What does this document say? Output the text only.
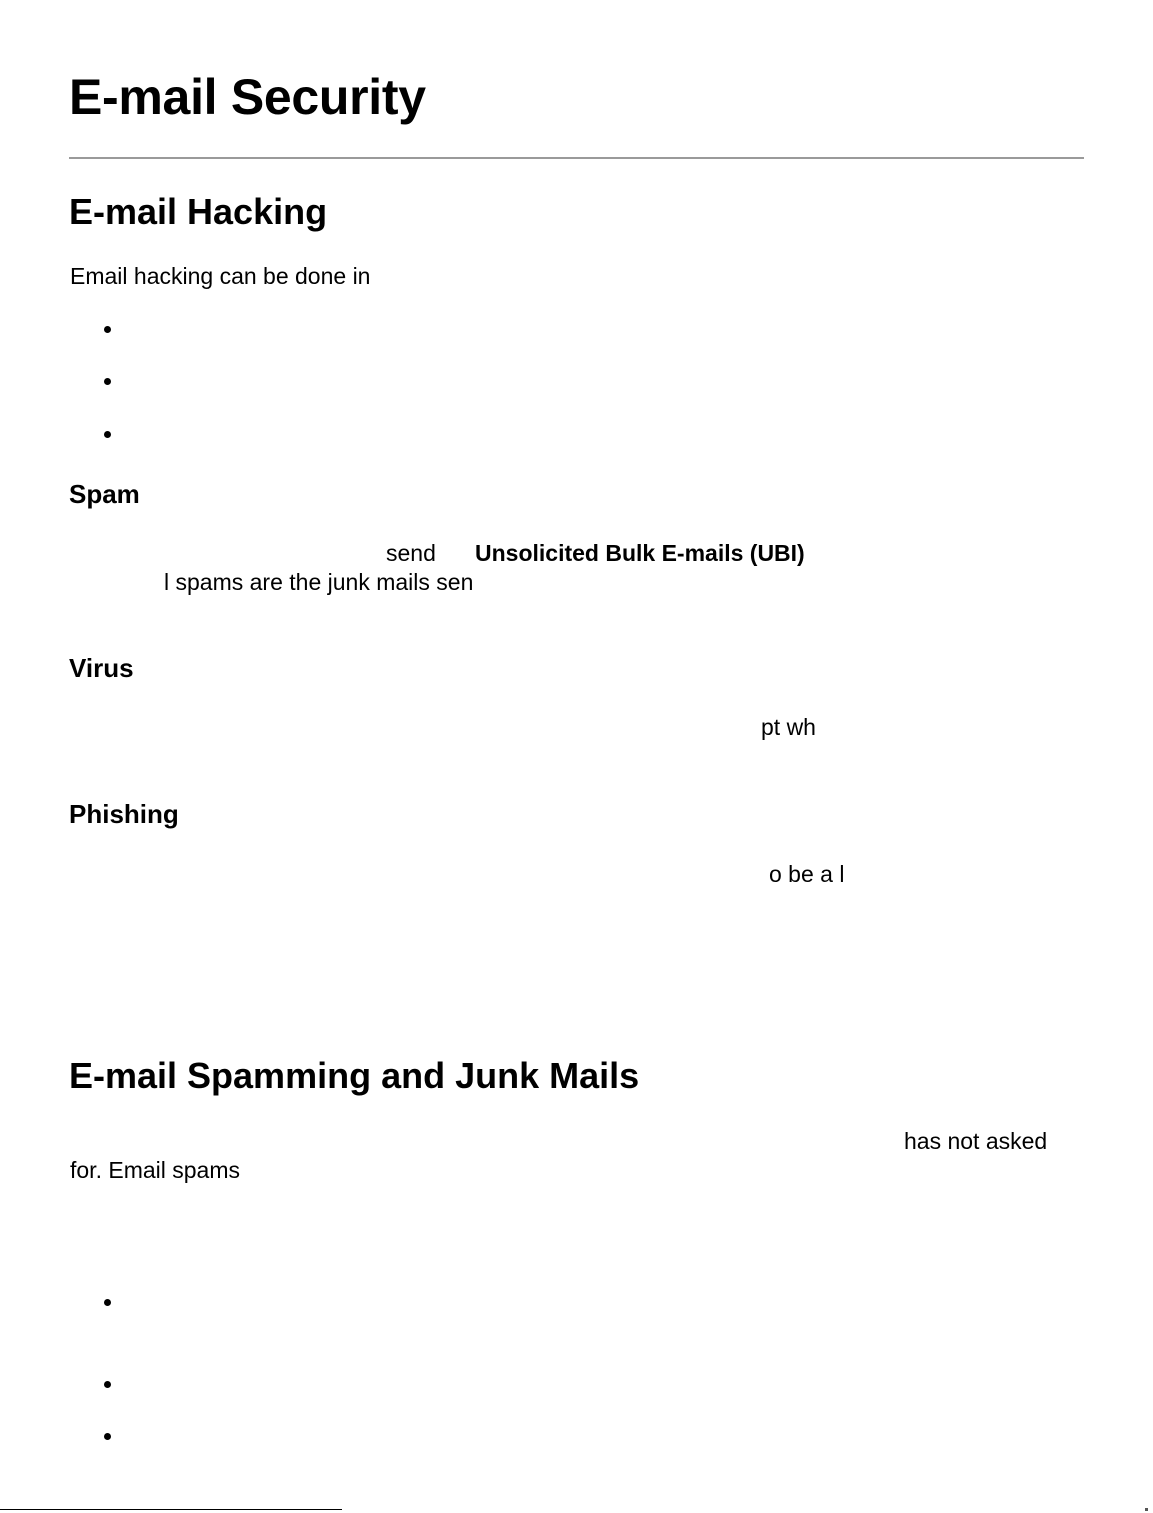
E-mail Security
E-mail Hacking
Email hacking can be done in
Spam
send Unsolicited Bulk E-mails (UBI)
l spams are the junk mails sen
Virus
pt wh
Phishing
o be a l
E-mail Spamming and Junk Mails
has not asked
for. Email spams
